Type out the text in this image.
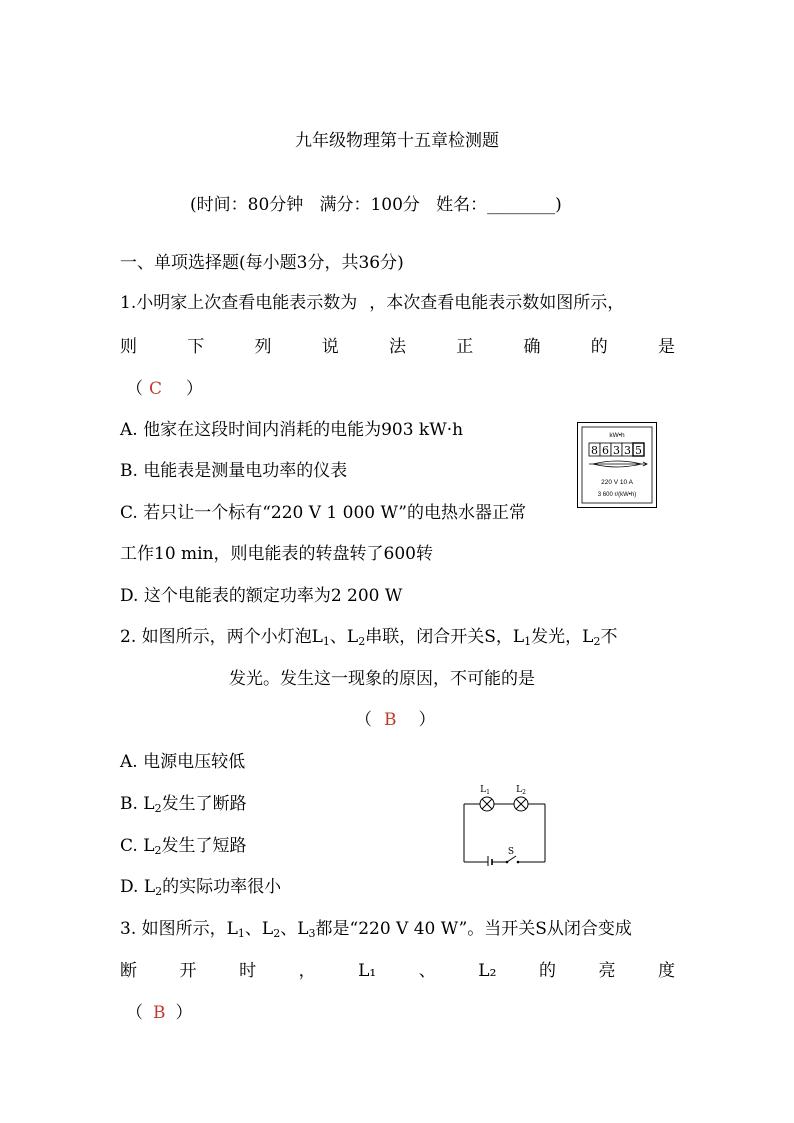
九年级物理第十五章检测题
(时间：80分钟 满分：100分 姓名：________)
一、单项选择题(每小题3分，共36分)
1.小明家上次查看电能表示数为 ，本次查看电能表示数如图所示，
则	下	列	说	法	正	确	的	是
（ C ）
A. 他家在这段时间内消耗的电能为903 kW·h
B. 电能表是测量电功率的仪表
C. 若只让一个标有“220 V 1 000 W”的电热水器正常
工作10 min，则电能表的转盘转了600转
D. 这个电能表的额定功率为2 200 W
kW•h
8 6 3 3 5
220 V 10 A
3 600 r/(kW•h)
2. 如图所示，两个小灯泡$L_1$、$L_2$串联，闭合开关S，$L_1$发光，$L_2$不
发光。发生这一现象的原因，不可能的是
（ B ）
A. 电源电压较低
B. $L_2$发生了断路
C. $L_2$发生了短路
D. $L_2$的实际功率很小
$L_1$	$L_2$
S
3. 如图所示，$L_1$、$L_2$、$L_3$都是“220 V 40 W”。当开关S从闭合变成
断	开	时	，	L₁	、	L₂	的	亮	度
（ B ）
